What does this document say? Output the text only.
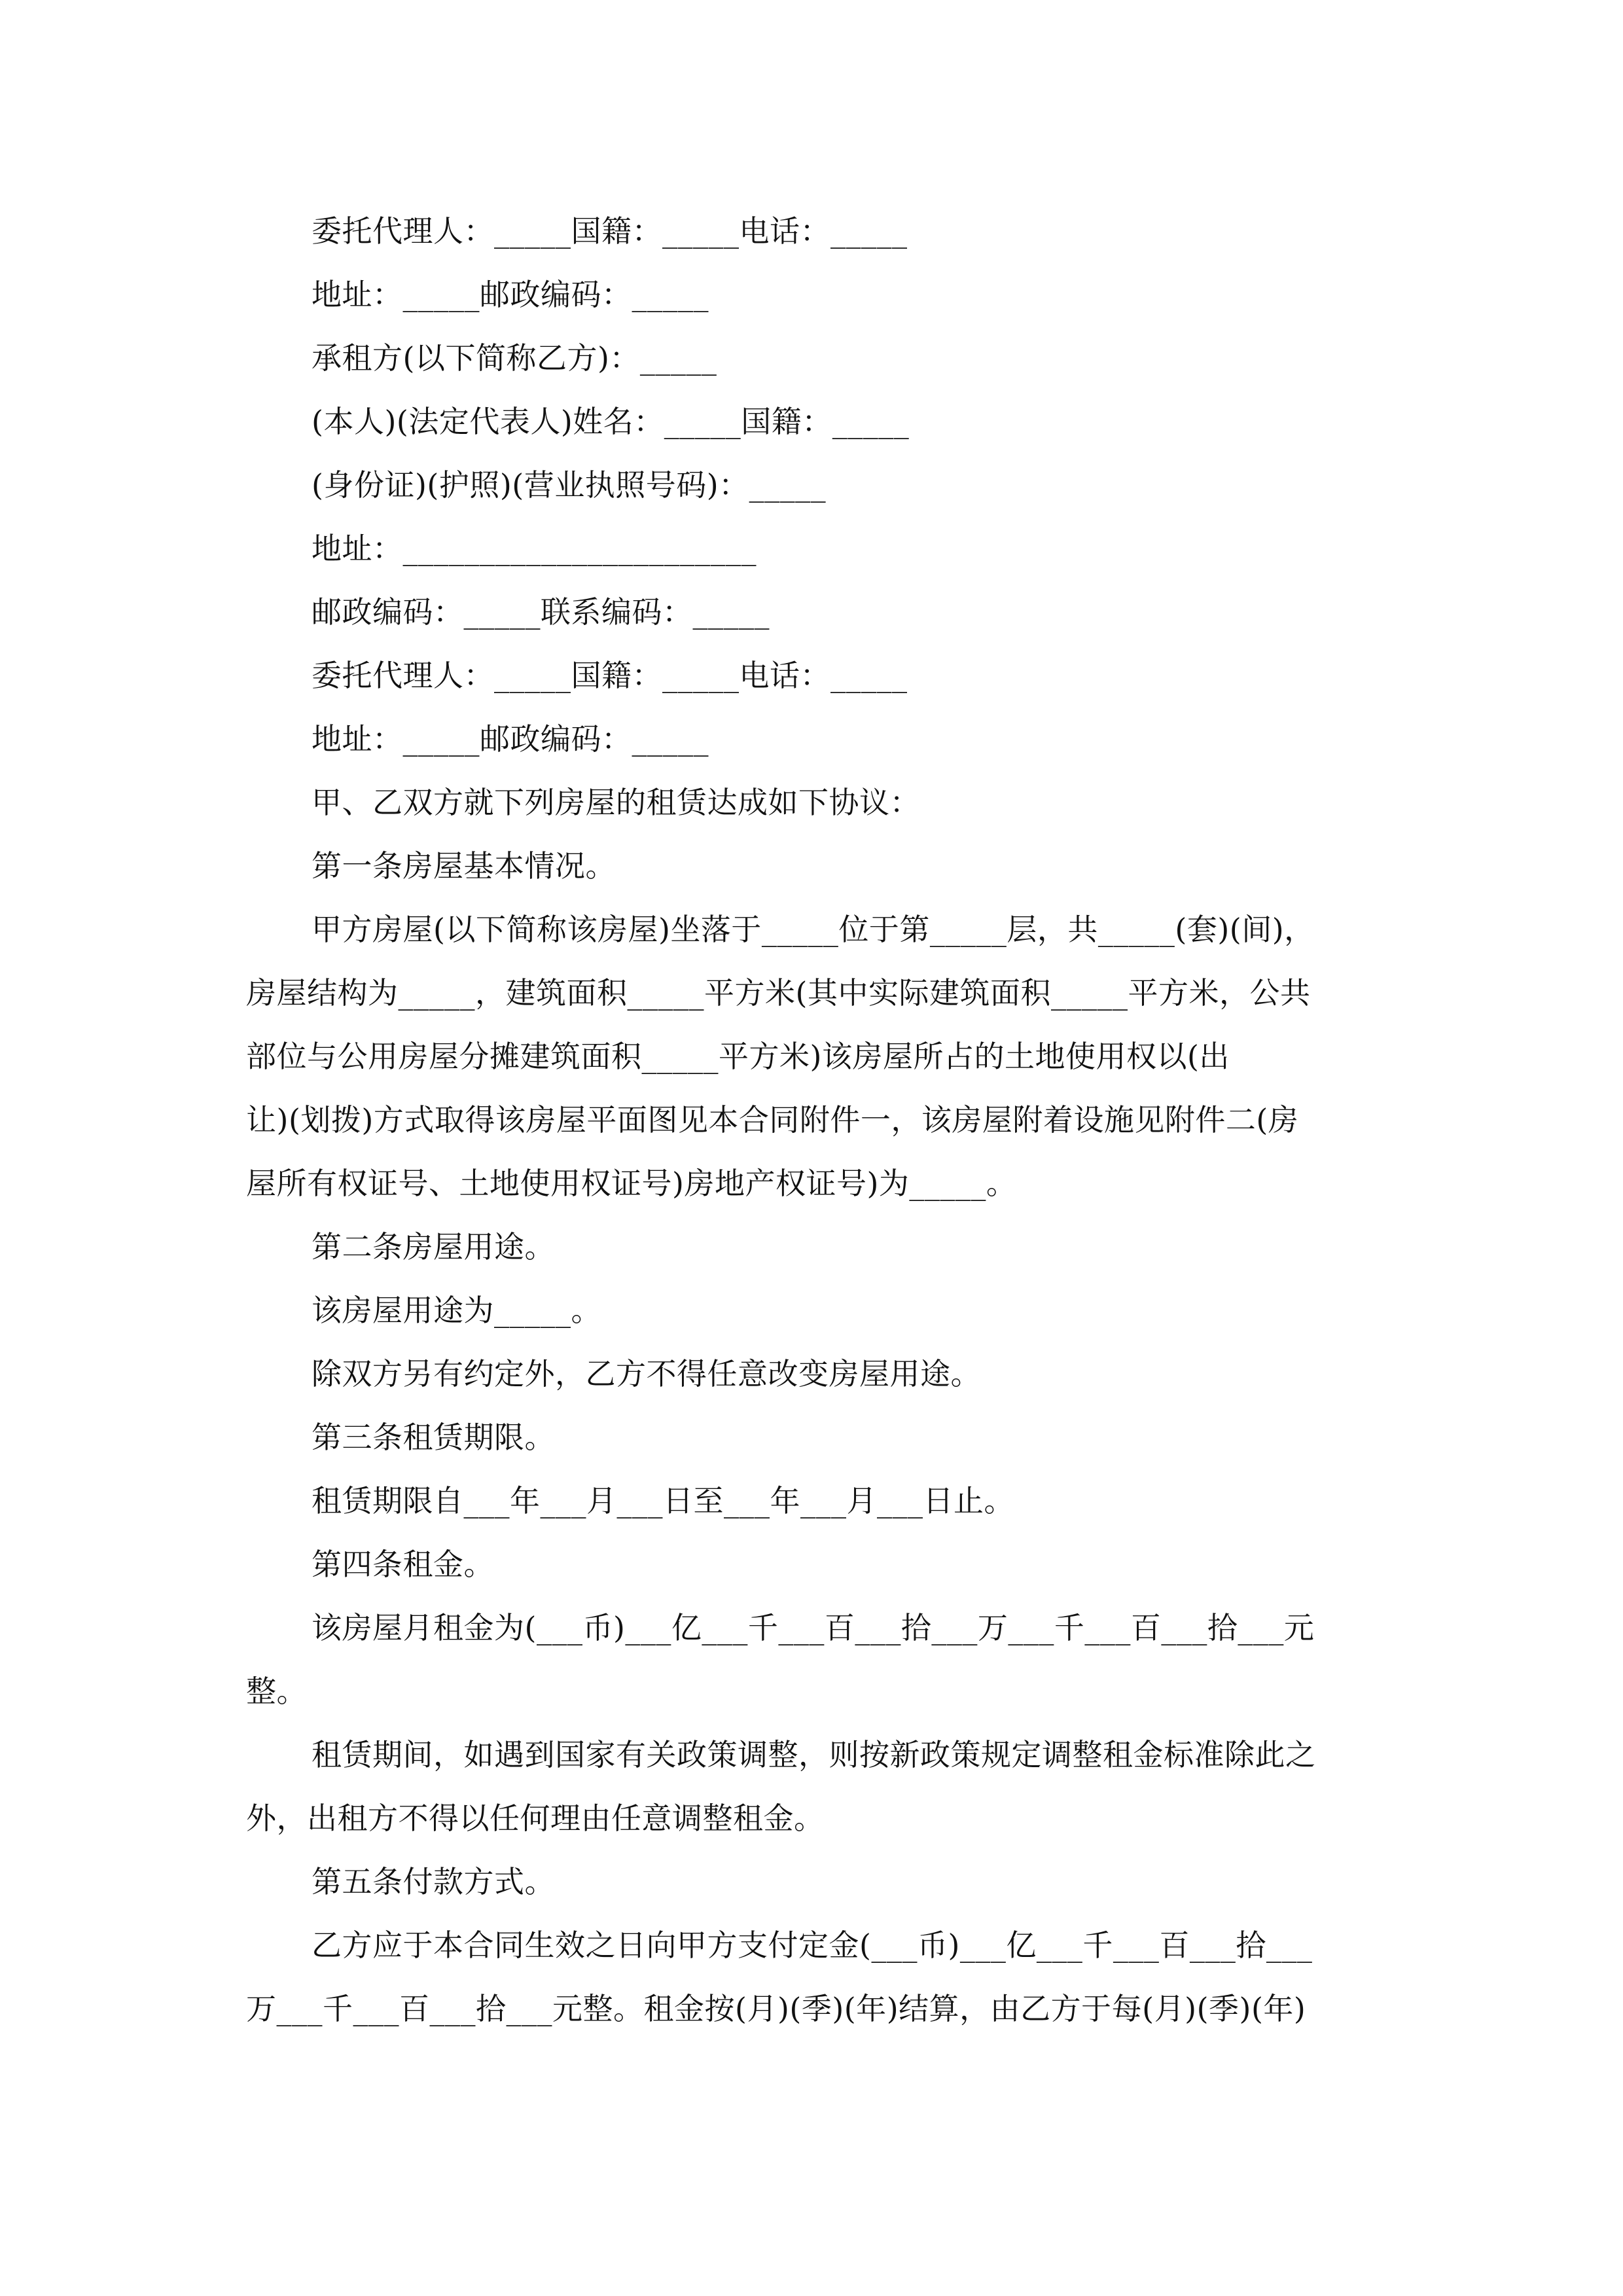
委托代理人：_____国籍：_____电话：_____

地址：_____邮政编码：_____

承租方(以下简称乙方)：_____

(本人)(法定代表人)姓名：_____国籍：_____

(身份证)(护照)(营业执照号码)：_____

地址：_______________________

邮政编码：_____联系编码：_____

委托代理人：_____国籍：_____电话：_____

地址：_____邮政编码：_____

甲、乙双方就下列房屋的租赁达成如下协议：

第一条房屋基本情况。

甲方房屋(以下简称该房屋)坐落于_____位于第_____层，共_____(套)(间)，

房屋结构为_____，建筑面积_____平方米(其中实际建筑面积_____平方米，公共

部位与公用房屋分摊建筑面积_____平方米)该房屋所占的土地使用权以(出

让)(划拨)方式取得该房屋平面图见本合同附件一，该房屋附着设施见附件二(房

屋所有权证号、土地使用权证号)房地产权证号)为_____。

第二条房屋用途。

该房屋用途为_____。

除双方另有约定外，乙方不得任意改变房屋用途。

第三条租赁期限。

租赁期限自___年___月___日至___年___月___日止。

第四条租金。

该房屋月租金为(___币)___亿___千___百___拾___万___千___百___拾___元

整。

租赁期间，如遇到国家有关政策调整，则按新政策规定调整租金标准除此之

外，出租方不得以任何理由任意调整租金。

第五条付款方式。

乙方应于本合同生效之日向甲方支付定金(___币)___亿___千___百___拾___

万___千___百___拾___元整。租金按(月)(季)(年)结算，由乙方于每(月)(季)(年)
